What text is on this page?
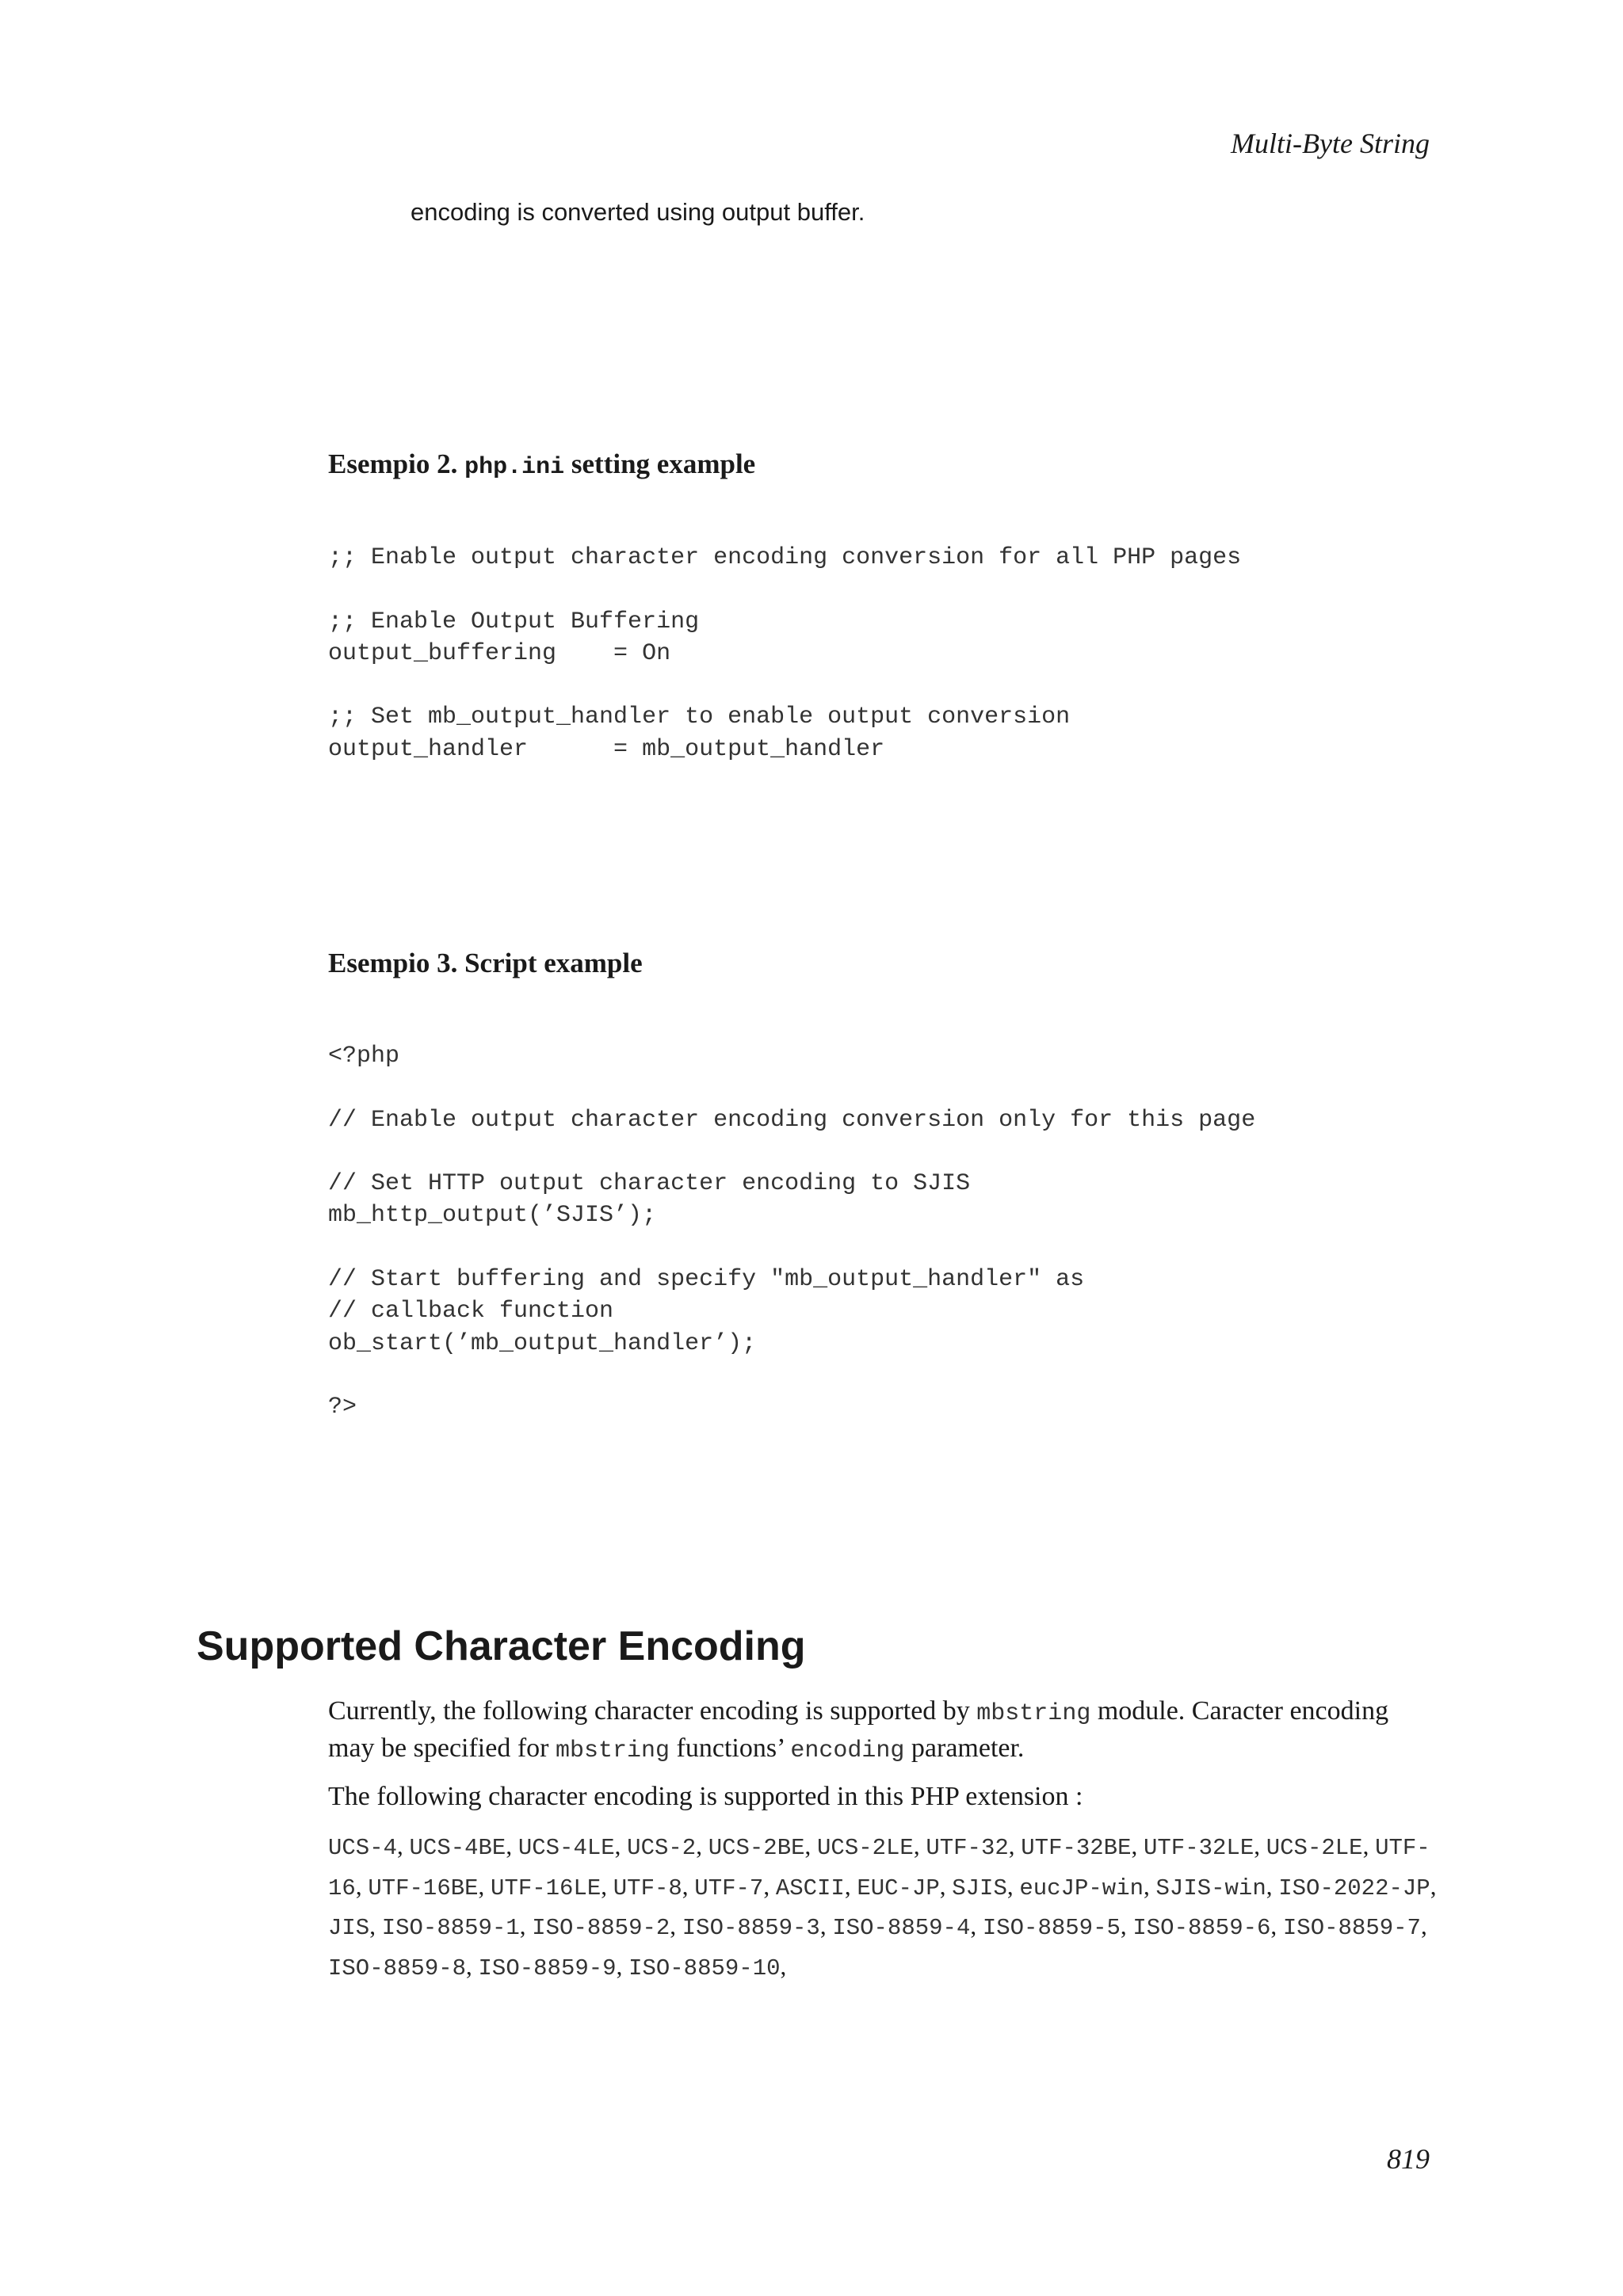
Multi-Byte String
encoding is converted using output buffer.
Esempio 2. php.ini setting example
;; Enable output character encoding conversion for all PHP pages

;; Enable Output Buffering
output_buffering    = On

;; Set mb_output_handler to enable output conversion
output_handler      = mb_output_handler
Esempio 3. Script example
<?php

// Enable output character encoding conversion only for this page

// Set HTTP output character encoding to SJIS
mb_http_output(’SJIS’);

// Start buffering and specify "mb_output_handler" as
// callback function
ob_start(’mb_output_handler’);

?>
Supported Character Encoding
Currently, the following character encoding is supported by mbstring module. Caracter encoding may be specified for mbstring functions’ encoding parameter.
The following character encoding is supported in this PHP extension :
UCS-4, UCS-4BE, UCS-4LE, UCS-2, UCS-2BE, UCS-2LE, UTF-32, UTF-32BE, UTF-32LE, UCS-2LE, UTF-16, UTF-16BE, UTF-16LE, UTF-8, UTF-7, ASCII, EUC-JP, SJIS, eucJP-win, SJIS-win, ISO-2022-JP, JIS, ISO-8859-1, ISO-8859-2, ISO-8859-3, ISO-8859-4, ISO-8859-5, ISO-8859-6, ISO-8859-7, ISO-8859-8, ISO-8859-9, ISO-8859-10,
819
